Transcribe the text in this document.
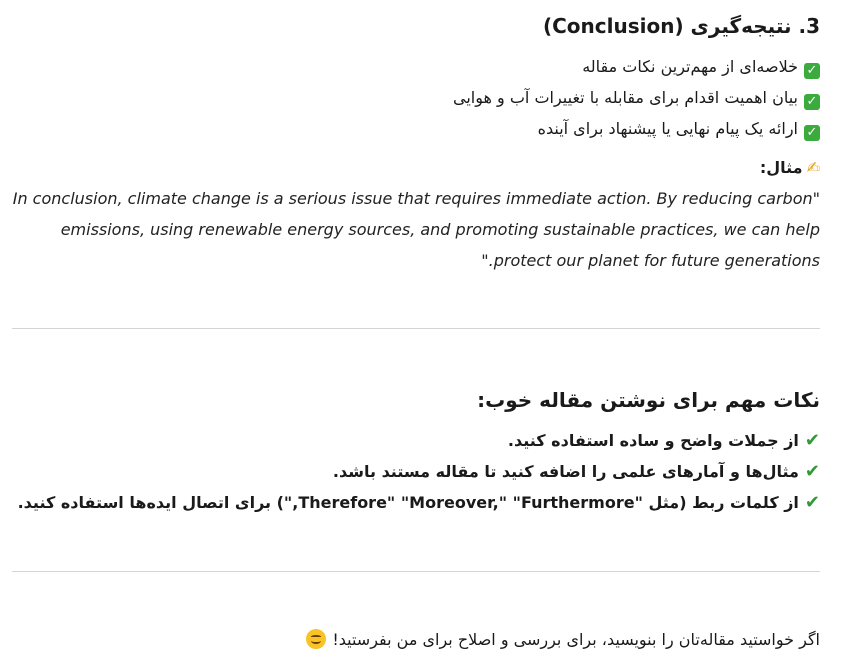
3. نتیجه‌گیری (Conclusion)
✓خلاصه‌ای از مهم‌ترین نکات مقاله
✓بیان اهمیت اقدام برای مقابله با تغییرات آب و هوایی
✓ارائه یک پیام نهایی یا پیشنهاد برای آینده
✍مثال:

"In conclusion, climate change is a serious issue that requires immediate action. By reducing carbon emissions, using renewable energy sources, and promoting sustainable practices, we can help protect our planet for future generations."

نکات مهم برای نوشتن مقاله خوب:
✔از جملات واضح و ساده استفاده کنید.
✔مثال‌ها و آمارهای علمی را اضافه کنید تا مقاله مستند باشد.
✔از کلمات ربط (مثل "Therefore" "Moreover," "Furthermore,") برای اتصال ایده‌ها استفاده کنید.

اگر خواستید مقاله‌تان را بنویسید، برای بررسی و اصلاح برای من بفرستید!
